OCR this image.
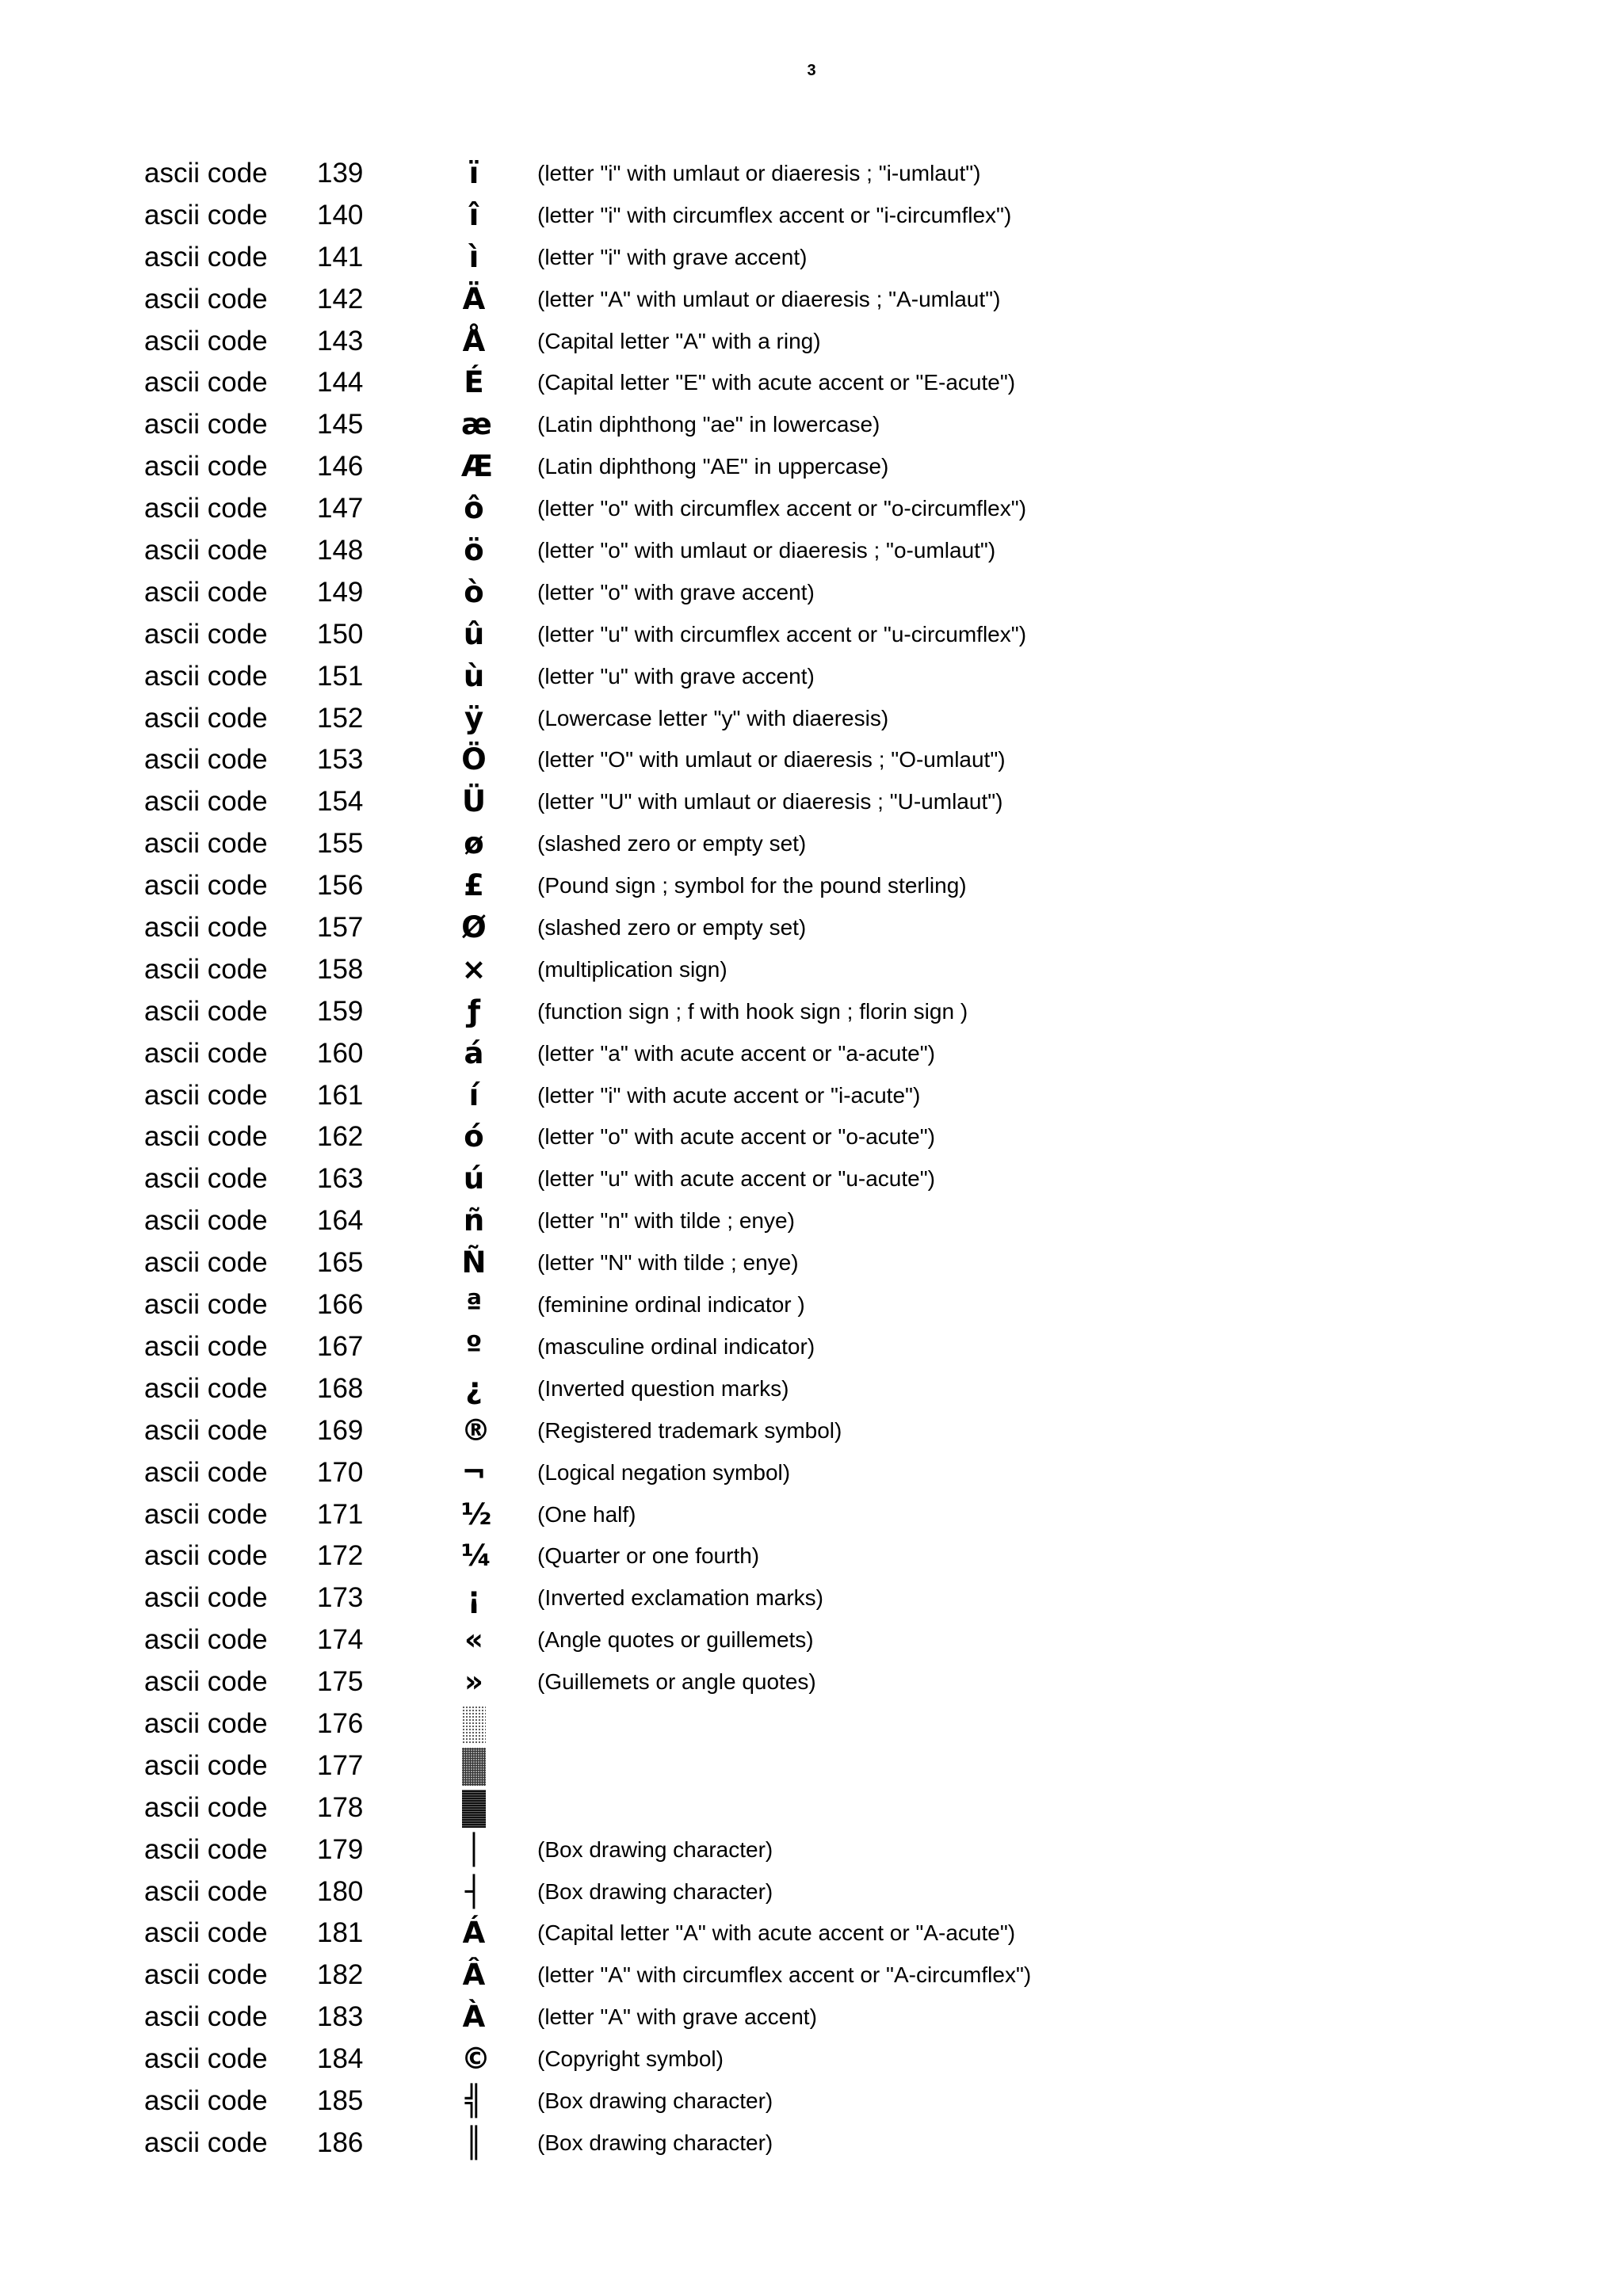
3
ascii code 139	ï	(letter "i" with umlaut or diaeresis ; "i-umlaut")
ascii code 140	î	(letter "i" with circumflex accent or "i-circumflex")
ascii code 141	ì	(letter "i" with grave accent)
ascii code 142	Ä (letter "A" with umlaut or diaeresis ; "A-umlaut")
ascii code 143	Å (Capital letter "A" with a ring)
ascii code 144	É (Capital letter "E" with acute accent or "E-acute")
ascii code 145	æ (Latin diphthong "ae" in lowercase)
ascii code 146	Æ (Latin diphthong "AE" in uppercase)
ascii code 147	ô (letter "o" with circumflex accent or "o-circumflex")
ascii code 148	ö (letter "o" with umlaut or diaeresis ; "o-umlaut")
ascii code 149	ò (letter "o" with grave accent)
ascii code 150	û (letter "u" with circumflex accent or "u-circumflex")
ascii code 151	ù (letter "u" with grave accent)
ascii code 152	ÿ (Lowercase letter "y" with diaeresis)
ascii code 153	Ö (letter "O" with umlaut or diaeresis ; "O-umlaut")
ascii code 154	Ü (letter "U" with umlaut or diaeresis ; "U-umlaut")
ascii code 155	ø (slashed zero or empty set)
ascii code 156	£ (Pound sign ; symbol for the pound sterling)
ascii code 157	Ø (slashed zero or empty set)
ascii code 158	× (multiplication sign)
ascii code 159	ƒ	(function sign ; f with hook sign ; florin sign )
ascii code 160	á (letter "a" with acute accent or "a-acute")
ascii code 161	í	(letter "i" with acute accent or "i-acute")
ascii code 162	ó (letter "o" with acute accent or "o-acute")
ascii code 163	ú (letter "u" with acute accent or "u-acute")
ascii code 164	ñ (letter "n" with tilde ; enye)
ascii code 165	Ñ (letter "N" with tilde ; enye)
ascii code 166	ª (feminine ordinal indicator )
ascii code 167	º (masculine ordinal indicator)
ascii code 168	¿ (Inverted question marks)
ascii code 169	® (Registered trademark symbol)
ascii code 170	¬ (Logical negation symbol)
ascii code 171	½ (One half)
ascii code 172	¼ (Quarter or one fourth)
ascii code 173	¡	(Inverted exclamation marks)
ascii code 174	« (Angle quotes or guillemets)
ascii code 175	» (Guillemets or angle quotes)
ascii code 176
ascii code 177
ascii code 178
ascii code 179	│ (Box drawing character)
ascii code 180	┤ (Box drawing character)
ascii code 181	Á (Capital letter "A" with acute accent or "A-acute")
ascii code 182	Â (letter "A" with circumflex accent or "A-circumflex")
ascii code 183	À (letter "A" with grave accent)
ascii code 184	© (Copyright symbol)
ascii code 185	╣ (Box drawing character)
ascii code 186	║ (Box drawing character)
